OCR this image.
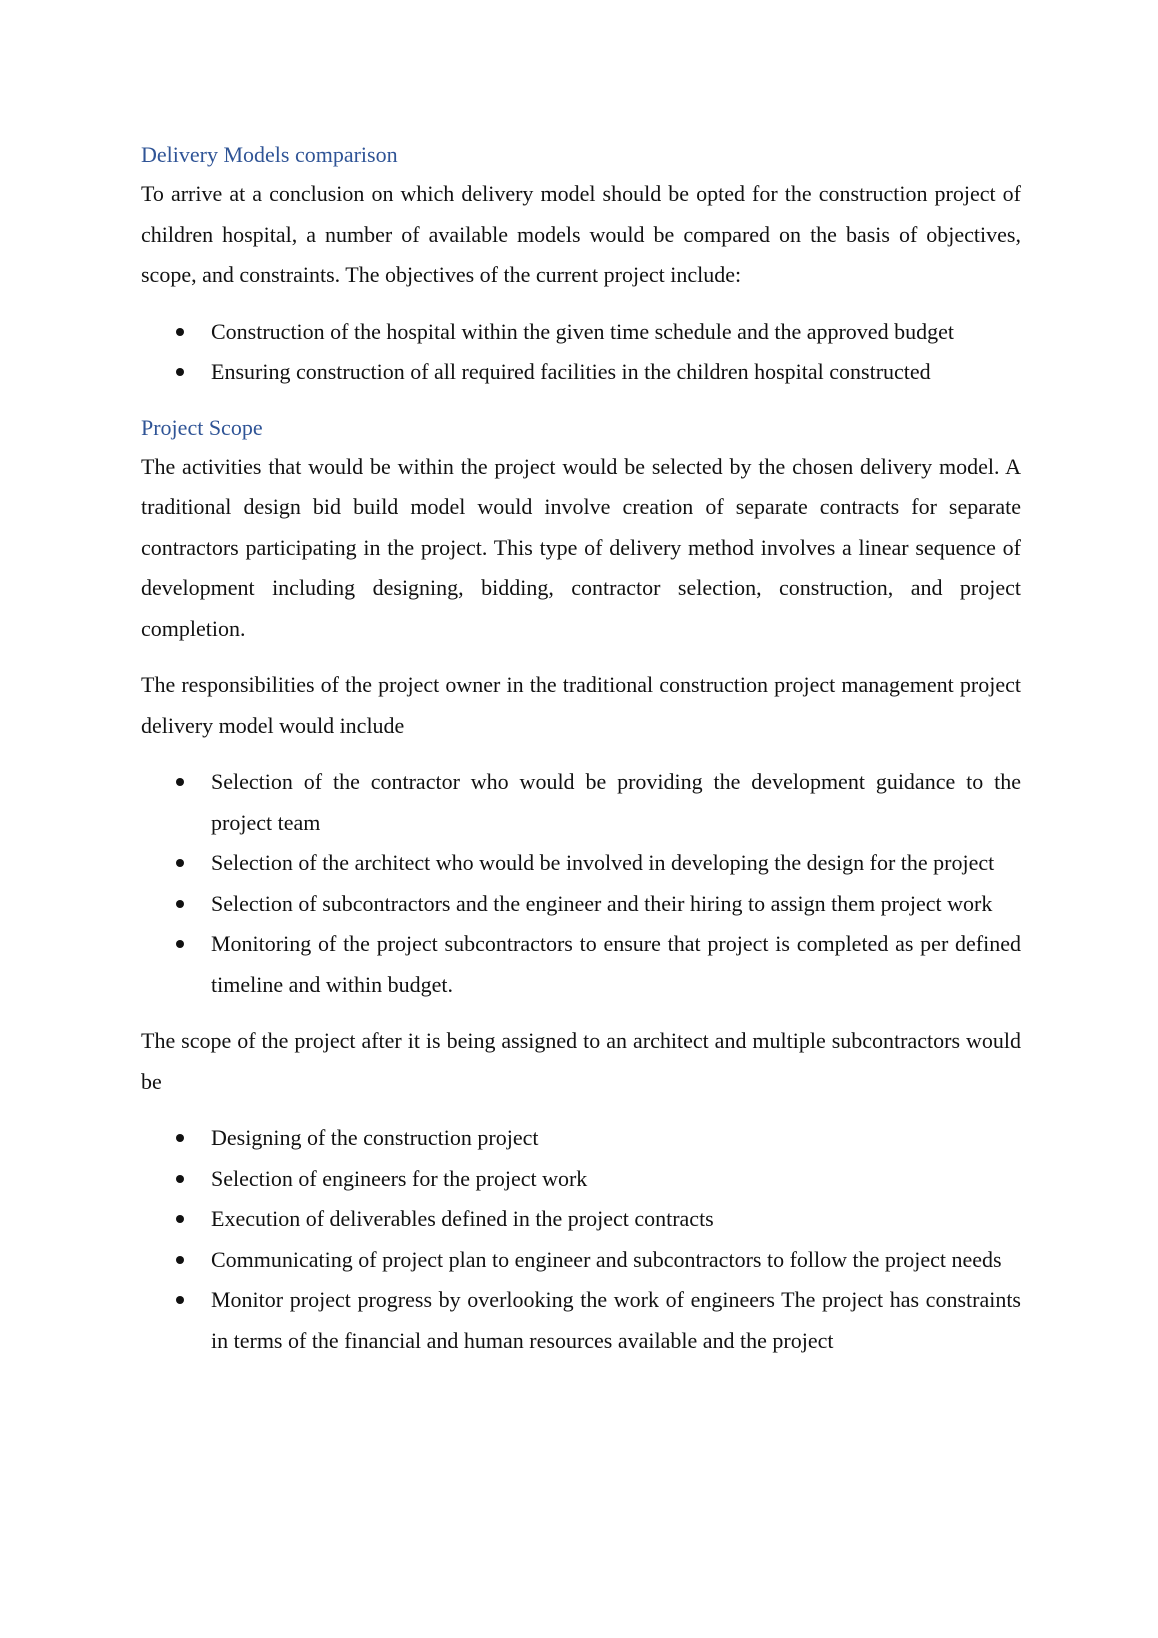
Delivery Models comparison

To arrive at a conclusion on which delivery model should be opted for the construction project of children hospital, a number of available models would be compared on the basis of objectives, scope, and constraints. The objectives of the current project include:

Construction of the hospital within the given time schedule and the approved budget
Ensuring construction of all required facilities in the children hospital constructed
Project Scope

The activities that would be within the project would be selected by the chosen delivery model. A traditional design bid build model would involve creation of separate contracts for separate contractors participating in the project. This type of delivery method involves a linear sequence of development including designing, bidding, contractor selection, construction, and project completion.

The responsibilities of the project owner in the traditional construction project management project delivery model would include

Selection of the contractor who would be providing the development guidance to the project team
Selection of the architect who would be involved in developing the design for the project
Selection of subcontractors and the engineer and their hiring to assign them project work
Monitoring of the project subcontractors to ensure that project is completed as per defined timeline and within budget.

The scope of the project after it is being assigned to an architect and multiple subcontractors would be

Designing of the construction project
Selection of engineers for the project work
Execution of deliverables defined in the project contracts
Communicating of project plan to engineer and subcontractors to follow the project needs
Monitor project progress by overlooking the work of engineers The project has constraints in terms of the financial and human resources available and the project
